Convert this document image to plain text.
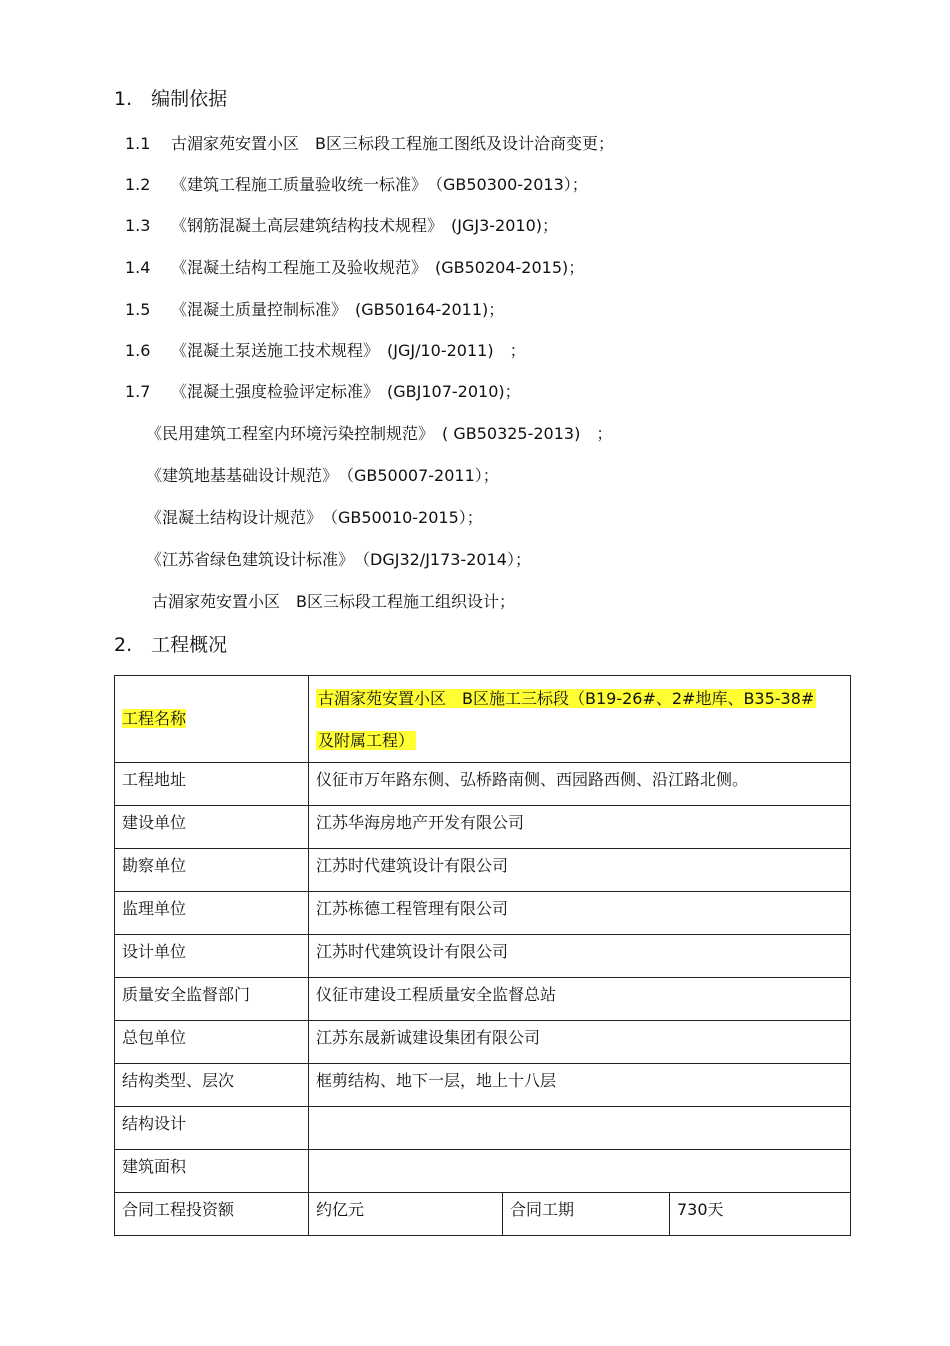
1.　编制依据
1.1 古湄家苑安置小区　B区三标段工程施工图纸及设计洽商变更；
1.2 《建筑工程施工质量验收统一标准》　（GB50300-2013）；
1.3 《钢筋混凝土高层建筑结构技术规程》　(JGJ3-2010)；
1.4 《混凝土结构工程施工及验收规范》　(GB50204-2015)；
1.5 《混凝土质量控制标准》　(GB50164-2011)；
1.6 《混凝土泵送施工技术规程》　(JGJ/10-2011)　；
1.7 《混凝土强度检验评定标准》　(GBJ107-2010)；
《民用建筑工程室内环境污染控制规范》　( GB50325-2013)　；
《建筑地基基础设计规范》　（GB50007-2011）；
《混凝土结构设计规范》　（GB50010-2015）；
《江苏省绿色建筑设计标准》　（DGJ32/J173-2014）；
古湄家苑安置小区　B区三标段工程施工组织设计；
2.　工程概况
工程名称	古湄家苑安置小区　B区施工三标段（B19-26#、2#地库、B35-38#
及附属工程）		
工程地址	仪征市万年路东侧、弘桥路南侧、西园路西侧、沿江路北侧。		
建设单位	江苏华海房地产开发有限公司		
勘察单位	江苏时代建筑设计有限公司		
监理单位	江苏栋德工程管理有限公司		
设计单位	江苏时代建筑设计有限公司		
质量安全监督部门	仪征市建设工程质量安全监督总站		
总包单位	江苏东晟新诚建设集团有限公司		
结构类型、层次	框剪结构、地下一层，地上十八层		
结构设计			
建筑面积			
合同工程投资额	约亿元	合同工期	730天
